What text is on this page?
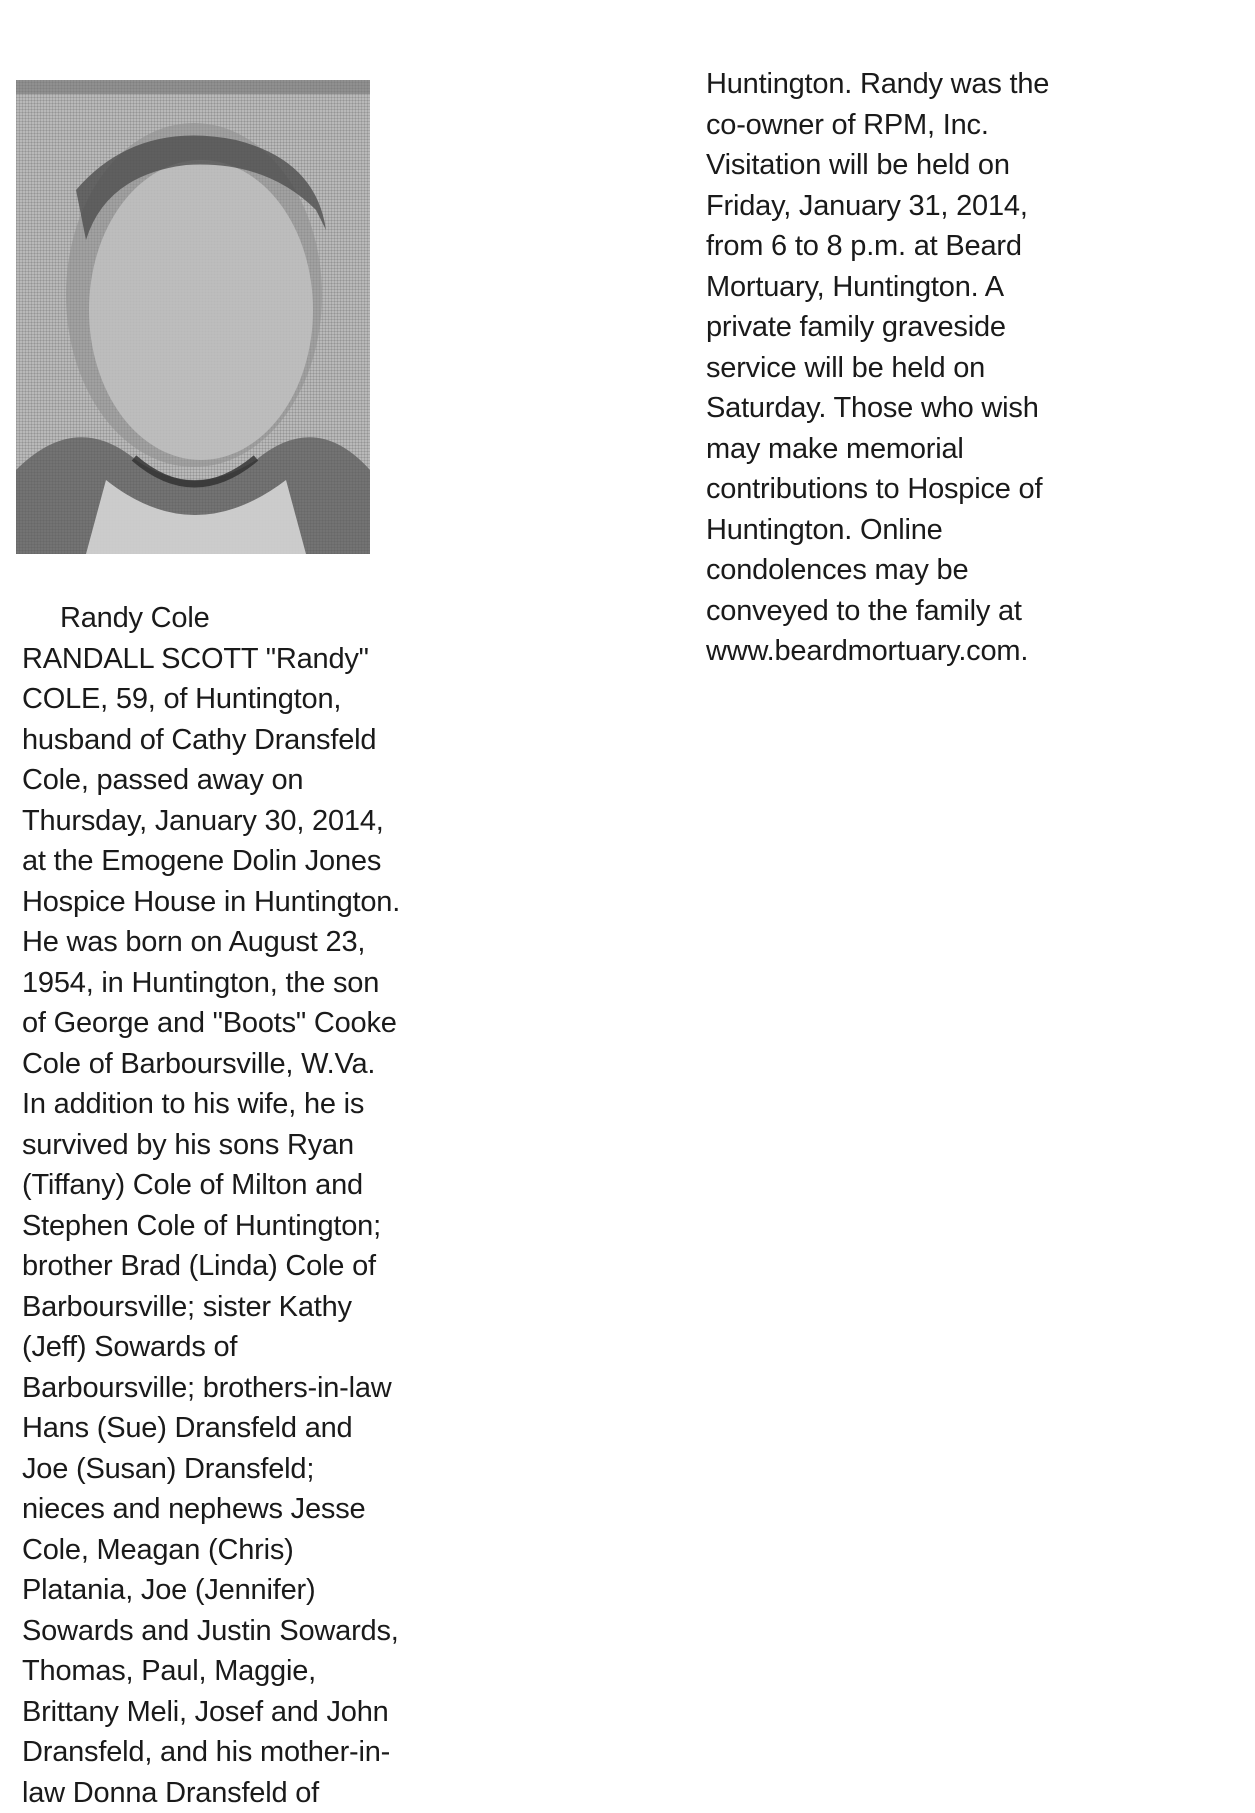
Randy Cole
RANDALL SCOTT "Randy"
COLE, 59, of Huntington,
husband of Cathy Dransfeld
Cole, passed away on
Thursday, January 30, 2014,
at the Emogene Dolin Jones
Hospice House in Huntington.
He was born on August 23,
1954, in Huntington, the son
of George and "Boots" Cooke
Cole of Barboursville, W.Va.
In addition to his wife, he is
survived by his sons Ryan
(Tiffany) Cole of Milton and
Stephen Cole of Huntington;
brother Brad (Linda) Cole of
Barboursville; sister Kathy
(Jeff) Sowards of
Barboursville; brothers-in-law
Hans (Sue) Dransfeld and
Joe (Susan) Dransfeld;
nieces and nephews Jesse
Cole, Meagan (Chris)
Platania, Joe (Jennifer)
Sowards and Justin Sowards,
Thomas, Paul, Maggie,
Brittany Meli, Josef and John
Dransfeld, and his mother-in-
law Donna Dransfeld of
Huntington. Randy was the
co-owner of RPM, Inc.
Visitation will be held on
Friday, January 31, 2014,
from 6 to 8 p.m. at Beard
Mortuary, Huntington. A
private family graveside
service will be held on
Saturday. Those who wish
may make memorial
contributions to Hospice of
Huntington. Online
condolences may be
conveyed to the family at
www.beardmortuary.com.
